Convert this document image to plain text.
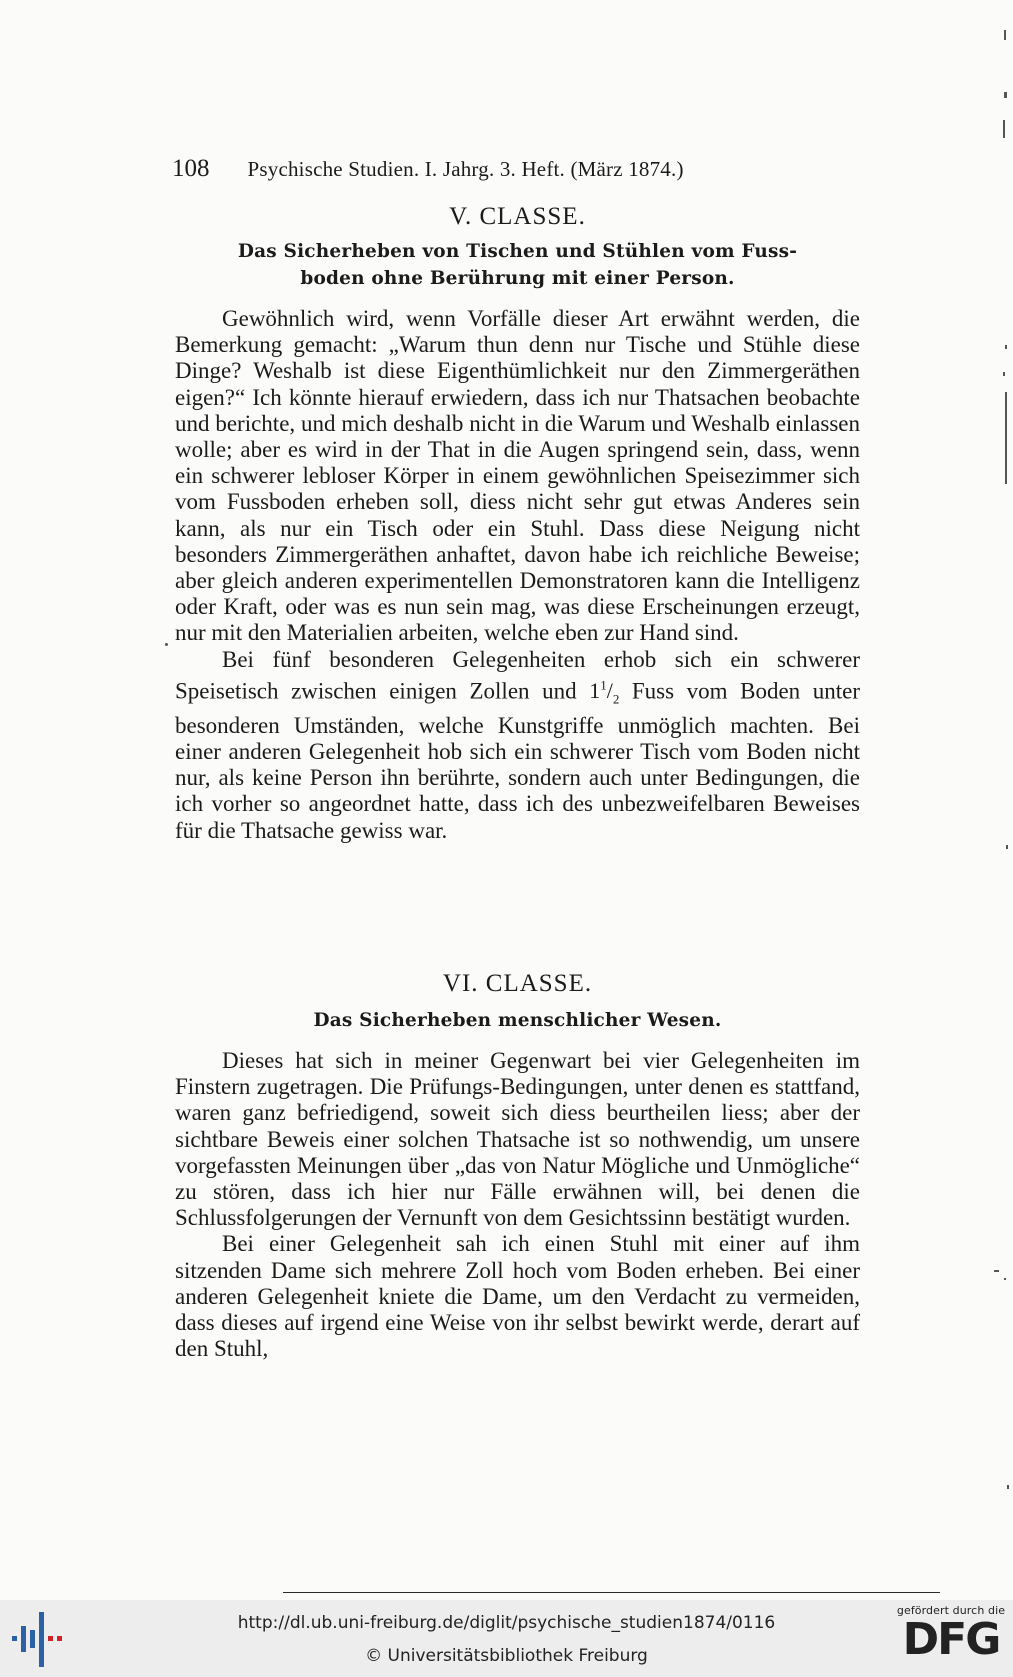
108 Psychische Studien. I. Jahrg. 3. Heft. (März 1874.)

V. CLASSE.

Das Sicherheben von Tischen und Stühlen vom Fuss-

boden ohne Berührung mit einer Person.

Gewöhnlich wird, wenn Vorfälle dieser Art erwähnt werden, die Bemerkung gemacht: „Warum thun denn nur Tische und Stühle diese Dinge? Weshalb ist diese Eigenthümlichkeit nur den Zimmergeräthen eigen?“ Ich könnte hierauf erwiedern, dass ich nur Thatsachen beobachte und berichte, und mich deshalb nicht in die Warum und Weshalb einlassen wolle; aber es wird in der That in die Augen springend sein, dass, wenn ein schwerer lebloser Körper in einem gewöhnlichen Speisezimmer sich vom Fussboden erheben soll, diess nicht sehr gut etwas Anderes sein kann, als nur ein Tisch oder ein Stuhl. Dass diese Neigung nicht besonders Zimmergeräthen anhaftet, davon habe ich reichliche Beweise; aber gleich anderen experimentellen Demonstratoren kann die Intelligenz oder Kraft, oder was es nun sein mag, was diese Erscheinungen erzeugt, nur mit den Materialien arbeiten, welche eben zur Hand sind.

Bei fünf besonderen Gelegenheiten erhob sich ein schwerer Speisetisch zwischen einigen Zollen und $1^1/_2$ Fuss vom Boden unter besonderen Umständen, welche Kunstgriffe unmöglich machten. Bei einer anderen Gelegenheit hob sich ein schwerer Tisch vom Boden nicht nur, als keine Person ihn berührte, sondern auch unter Bedingungen, die ich vorher so angeordnet hatte, dass ich des unbezweifelbaren Beweises für die Thatsache gewiss war.

VI. CLASSE.

Das Sicherheben menschlicher Wesen.

Dieses hat sich in meiner Gegenwart bei vier Gelegenheiten im Finstern zugetragen. Die Prüfungs-Bedingungen, unter denen es stattfand, waren ganz befriedigend, soweit sich diess beurtheilen liess; aber der sichtbare Beweis einer solchen Thatsache ist so nothwendig, um unsere vorgefassten Meinungen über „das von Natur Mögliche und Unmögliche“ zu stören, dass ich hier nur Fälle erwähnen will, bei denen die Schlussfolgerungen der Vernunft von dem Gesichtssinn bestätigt wurden.

Bei einer Gelegenheit sah ich einen Stuhl mit einer auf ihm sitzenden Dame sich mehrere Zoll hoch vom Boden erheben. Bei einer anderen Gelegenheit kniete die Dame, um den Verdacht zu vermeiden, dass dieses auf irgend eine Weise von ihr selbst bewirkt werde, derart auf den Stuhl,

http://dl.ub.uni-freiburg.de/diglit/psychische_studien1874/0116
© Universitätsbibliothek Freiburg
gefördert durch die
DFG
